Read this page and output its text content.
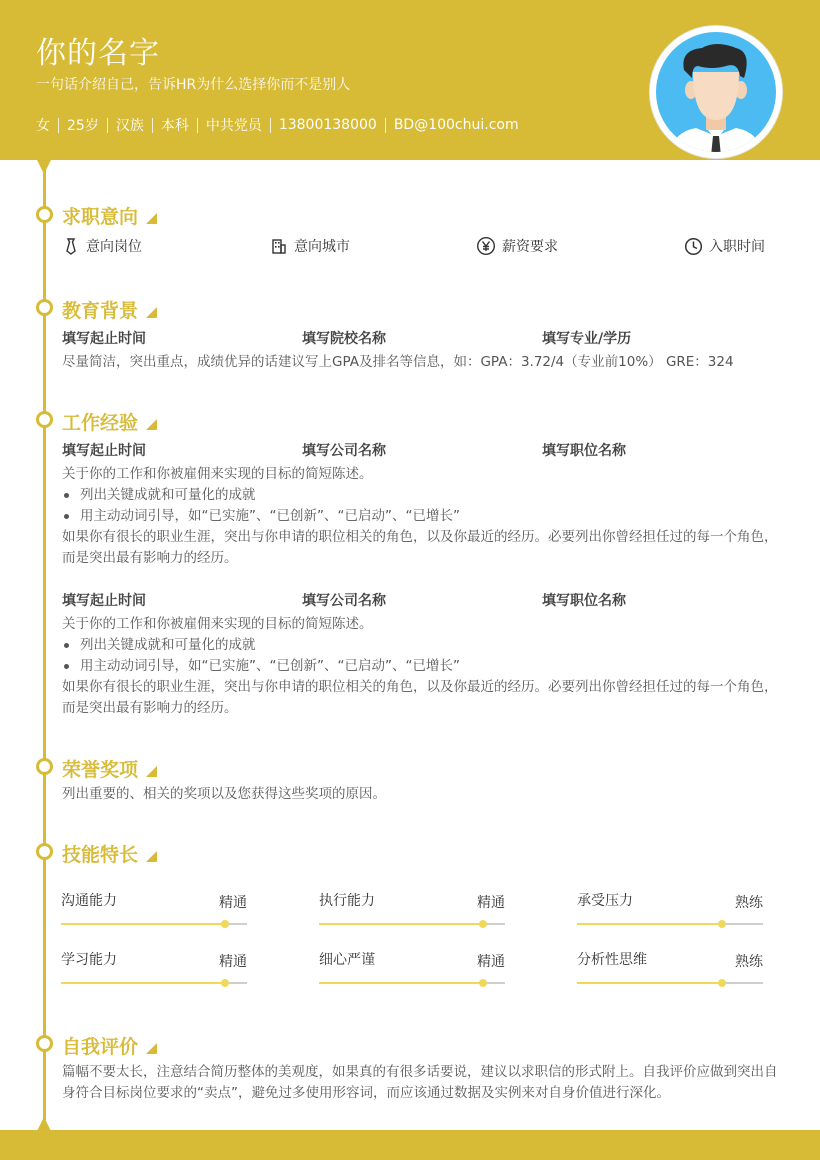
你的名字
一句话介绍自己，告诉HR为什么选择你而不是别人
女 25岁 汉族 本科 中共党员 13800138000 BD@100chui.com
求职意向
意向岗位	意向城市	薪资要求	入职时间
教育背景
填写起止时间	填写院校名称	填写专业/学历
尽量简洁，突出重点，成绩优异的话建议写上GPA及排名等信息，如：GPA：3.72/4（专业前10%） GRE：324
工作经验
填写起止时间	填写公司名称	填写职位名称
关于你的工作和你被雇佣来实现的目标的简短陈述。
列出关键成就和可量化的成就
用主动动词引导，如“已实施”、“已创新”、“已启动”、“已增长”
如果你有很长的职业生涯，突出与你申请的职位相关的角色，以及你最近的经历。必要列出你曾经担任过的每一个角色，而是突出最有影响力的经历。
填写起止时间	填写公司名称	填写职位名称
关于你的工作和你被雇佣来实现的目标的简短陈述。
列出关键成就和可量化的成就
用主动动词引导，如“已实施”、“已创新”、“已启动”、“已增长”
如果你有很长的职业生涯，突出与你申请的职位相关的角色，以及你最近的经历。必要列出你曾经担任过的每一个角色，而是突出最有影响力的经历。
荣誉奖项
列出重要的、相关的奖项以及您获得这些奖项的原因。
技能特长
沟通能力	精通	执行能力	精通	承受压力	熟练
学习能力	精通	细心严谨	精通	分析性思维	熟练
自我评价
篇幅不要太长，注意结合简历整体的美观度，如果真的有很多话要说，建议以求职信的形式附上。自我评价应做到突出自身符合目标岗位要求的“卖点”，避免过多使用形容词，而应该通过数据及实例来对自身价值进行深化。
